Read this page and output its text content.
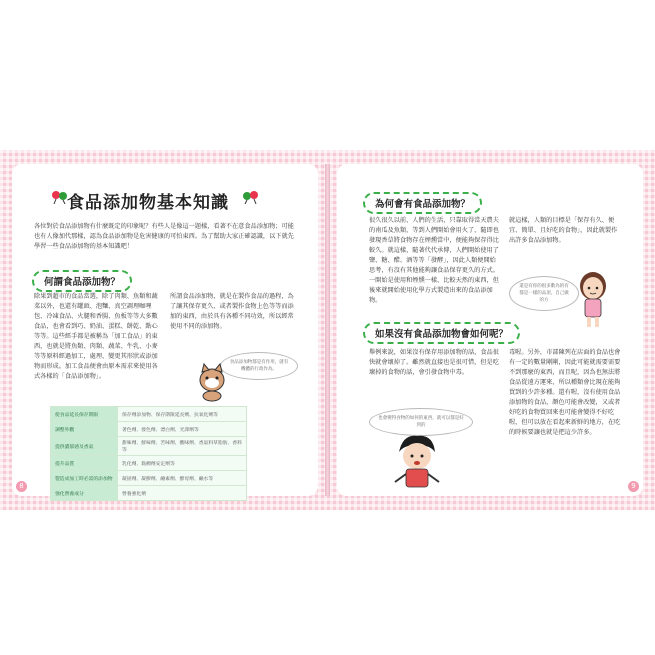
食品添加物基本知識
各位對於食品添加物有什麼既定的印象呢？有些人是像這一題樣，看著不在意食品添加物；可能也有人像加代那樣，認為食品添加物是危害健康的可怕東西。為了幫助大家正確認識，以下就先學習一些食品添加物的基本知識吧！
何謂食品添加物？
除果到超市的食品當選，除了肉類、魚類和蔬菜以外，也還有罐頭、泡麵、真空調理咖哩包、冷凍食品、火腿和香腸、魚板等等大多數食品，也會看到巧、奶油、蛋糕、餅乾、點心等等。這些經手都是被稱為「加工食品」的東西，也就是將魚類、肉類、蔬菜、牛乳、小麥等等原料經過加工，處理、變更其形狀或添加物而形成。加工食品便會由原本需求來使用各式各樣的「食品添加物」。
所謂食品添加物，就是在製作食品的過程，為了讓其保存更久、或者製作食物上色等等而添加的東西，由於具有各種不同功效，所以經常使用不同的添加物。
食品添加物都是有作用，就有機體的行政作為。
使食品延長保存期限	保存劑添加物、保存期限延長劑、抗氧化劑等
調整外觀	著色劑、發色劑、漂白劑、光澤劑等
提供濃郁感及香氣	甜味劑、鮮味劑、苦味劑、酸味劑、香氣料草脂肪、香料等
提升品質	乳化劑、黏稠劑安定劑等
製造成加工時必需的添加物	凝固劑、凝膠劑、鹼素劑、酵母劑、鹼水等
強化營養成分	營養強化劑
8
為何會有食品添加物？
很久很久以前，人們的生活，只靠取得當天農夫的南瓜及魚類，等到人們開始會用火了，隨即也發現香草將食物存在煙燻當中，便能夠保存得比較久。就這樣，隨著代代承傳，人們開始使用了鹽、糖、醋、酒等等「發酵」，因此人類便開始思考，有沒有其他能夠讓食品保存更久的方式。一開始是使用和煙燻一樣、比較天然的東西，但後來就開始使用化學方式製造出來的食品添加物。
就這樣，人類的目標是「保存有久、便宜、簡單、且好吃的食物」，因此就製作出許多食品添加物。
還是有你的很多數為的有都是一樣的品項，自己做的方
如果沒有食品添加物會如何呢？
舉例來說，如果沒有保存用添加物的話，食品很快就會壞掉了。雖然就直接也是很可惜，但是吃壞掉的食物的話，會引發食物中毒。
毒喔。另外，市部陳列在店面的食品也會有一定的數量剛剛，因此可能就需要需要不到那麼的東西，而且呢，因為也無法將食品從遠方運來，所以種類會比現在能夠買到的少許多種。還有喔，沒有使用食品添加物的食品，顏色可能會改變，又或者好吃的食物買回來也可能會變得不好吃喔，但可以放在看起來新鮮的地方，在吃的時候要讓也就是把這少許多。
也會變得食物的如何的東西，就可以都是好到的
9
